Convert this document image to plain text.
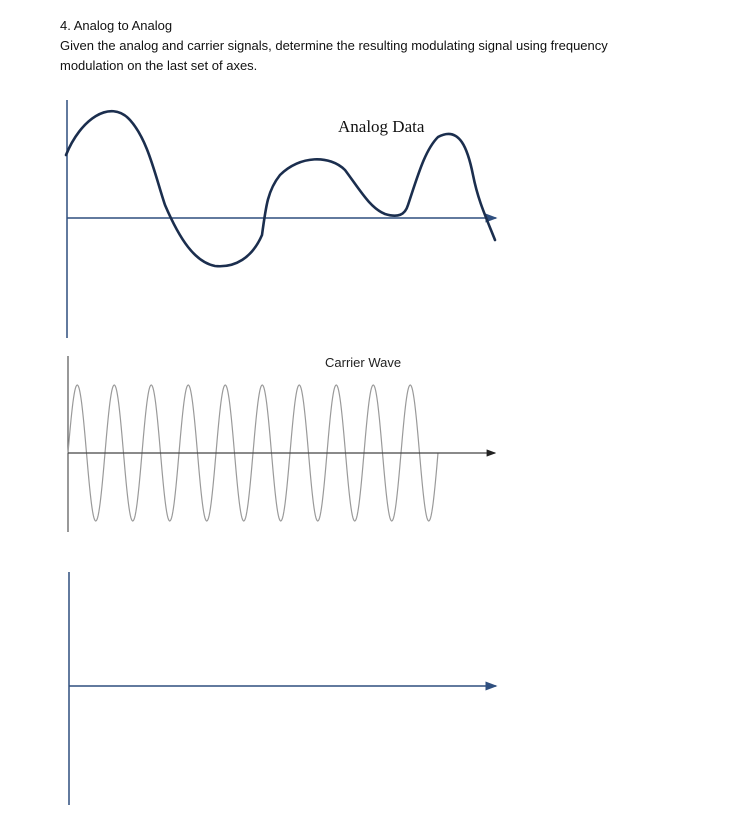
4. Analog to Analog

Given the analog and carrier signals, determine the resulting modulating signal using frequency

modulation on the last set of axes.

Analog Data
Carrier Wave
